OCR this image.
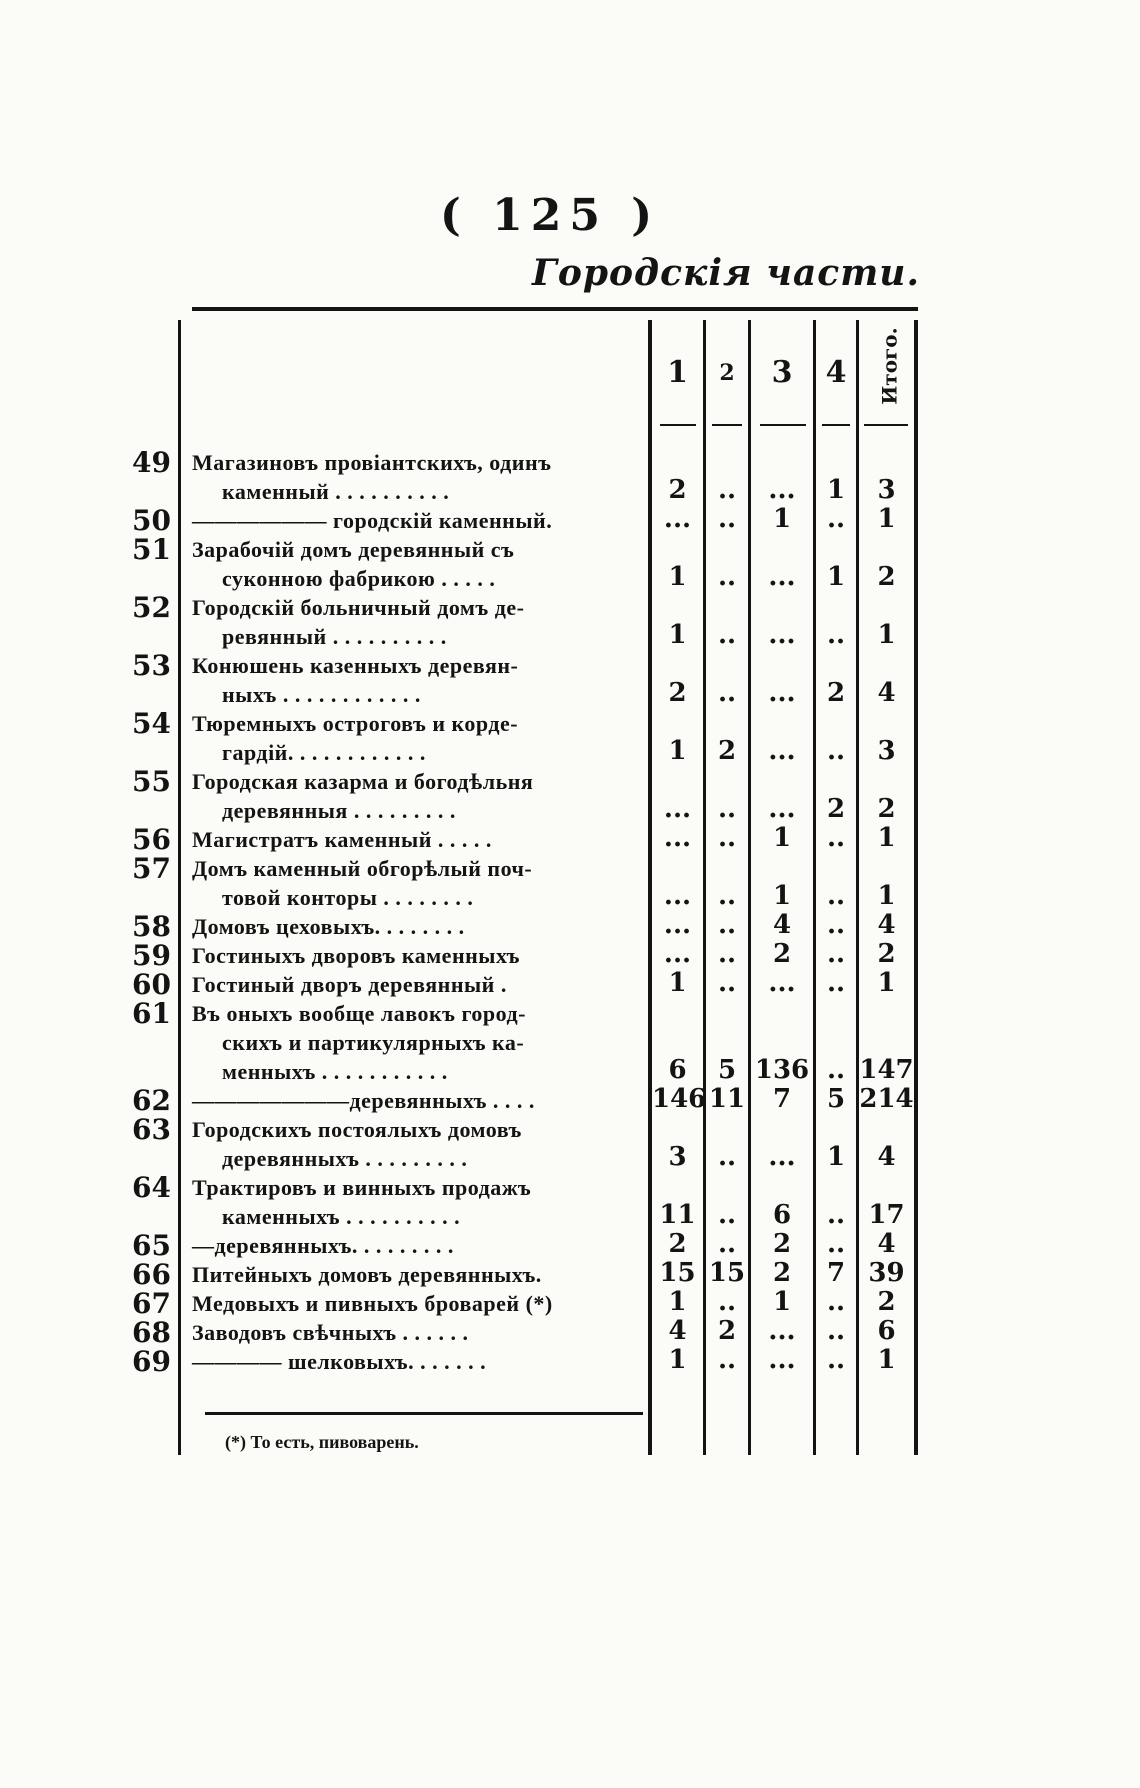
( 125 )
Городскія части.
1	2	3	4	Итого.
49 Магазиновъ провіантскихъ, одинъ
каменный . . . . . . . . . .	2	..	...	1	3
50 —————— городскій каменный.	...	..	1	..	1
51 Зарабочій домъ деревянный съ
суконною фабрикою . . . . .	1	..	...	1	2
52 Городскій больничный домъ де-
ревянный . . . . . . . . . .	1	..	...	..	1
53 Конюшень казенныхъ деревян-
ныхъ . . . . . . . . . . . .	2	..	...	2	4
54 Тюремныхъ остроговъ и корде-
гардій. . . . . . . . . . . .	1	2	...	..	3
55 Городская казарма и богодѣльня
деревянныя . . . . . . . . .	...	..	...	2	2
56 Магистратъ каменный . . . . .	...	..	1	..	1
57 Домъ каменный обгорѣлый поч-
товой конторы . . . . . . . .	...	..	1	..	1
58 Домовъ цеховыхъ. . . . . . . .	...	..	4	..	4
59 Гостиныхъ дворовъ каменныхъ	...	..	2	..	2
60 Гостиный дворъ деревянный .	1	..	...	..	1
61 Въ оныхъ вообще лавокъ город-
скихъ и партикулярныхъ ка-
менныхъ . . . . . . . . . . .	6	5 136 .. 147
62 ———————деревянныхъ . . . .	146 11	7	5 214
63 Городскихъ постоялыхъ домовъ
деревянныхъ . . . . . . . . .	3	..	...	1	4
64 Трактировъ и винныхъ продажъ
каменныхъ . . . . . . . . . .	11 ..	6	.. 17
65 —деревянныхъ. . . . . . . . .	2	..	2	..	4
66 Питейныхъ домовъ деревянныхъ.	15 15	2	7 39
67 Медовыхъ и пивныхъ броварей (*)	1	..	1	..	2
68 Заводовъ свѣчныхъ . . . . . .	4	2	...	..	6
69 ———— шелковыхъ. . . . . . .	1	..	...	..	1
(*) То есть, пивоварень.
